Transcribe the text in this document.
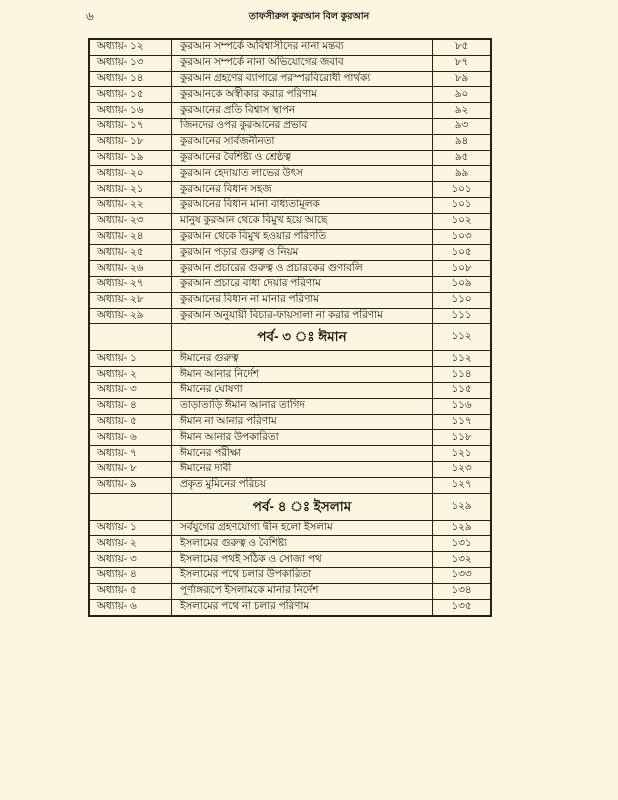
৬	তাফসীরুল কুরআন বিল কুরআন
অধ্যায়- ১২	কুরআন সম্পর্কে অবিশ্বাসীদের নানা মন্তব্য	৮৫
অধ্যায়- ১৩	কুরআন সম্পর্কে নানা অভিযোগের জবাব	৮৭
অধ্যায়- ১৪	কুরআন গ্রহণের ব্যাপারে পরস্পরবিরোধী পার্থক্য	৮৯
অধ্যায়- ১৫	কুরআনকে অস্বীকার করার পরিণাম	৯০
অধ্যায়- ১৬	কুরআনের প্রতি বিশ্বাস স্থাপন	৯২
অধ্যায়- ১৭	জিনদের ওপর কুরআনের প্রভাব	৯৩
অধ্যায়- ১৮	কুরআনের সার্বজনীনতা	৯৪
অধ্যায়- ১৯	কুরআনের বৈশিষ্ট্য ও শ্রেষ্ঠত্ব	৯৫
অধ্যায়- ২০	কুরআন হেদায়াত লাভের উৎস	৯৯
অধ্যায়- ২১	কুরআনের বিধান সহজ	১০১
অধ্যায়- ২২	কুরআনের বিধান মানা বাধ্যতামূলক	১০১
অধ্যায়- ২৩	মানুষ কুরআন থেকে বিমুখ হয়ে আছে	১০২
অধ্যায়- ২৪	কুরআন থেকে বিমুখ হওয়ার পরিণতি	১০৩
অধ্যায়- ২৫	কুরআন পড়ার গুরুত্ব ও নিয়ম	১০৫
অধ্যায়- ২৬	কুরআন প্রচারের গুরুত্ব ও প্রচারকের গুণাবলি	১০৮
অধ্যায়- ২৭	কুরআন প্রচারে বাধা দেয়ার পরিণাম	১০৯
অধ্যায়- ২৮	কুরআনের বিধান না মানার পরিণাম	১১০
অধ্যায়- ২৯	কুরআন অনুযায়ী বিচার-ফায়সালা না করার পরিণাম	১১১
পর্ব- ৩ ঃ ঈমান	১১২
অধ্যায়- ১	ঈমানের গুরুত্ব	১১২
অধ্যায়- ২	ঈমান আনার নির্দেশ	১১৪
অধ্যায়- ৩	ঈমানের ঘোষণা	১১৫
অধ্যায়- ৪	তাড়াতাড়ি ঈমান আনার তাগিদ	১১৬
অধ্যায়- ৫	ঈমান না আনার পরিণাম	১১৭
অধ্যায়- ৬	ঈমান আনার উপকারিতা	১১৮
অধ্যায়- ৭	ঈমানের পরীক্ষা	১২১
অধ্যায়- ৮	ঈমানের দাবী	১২৩
অধ্যায়- ৯	প্রকৃত মুমিনের পরিচয়	১২৭
পর্ব- ৪ ঃ ইসলাম	১২৯
অধ্যায়- ১	সর্বযুগের গ্রহণযোগ্য দ্বীন হলো ইসলাম	১২৯
অধ্যায়- ২	ইসলামের গুরুত্ব ও বৈশিষ্ট্য	১৩১
অধ্যায়- ৩	ইসলামের পথই সঠিক ও সোজা পথ	১৩২
অধ্যায়- ৪	ইসলামের পথে চলার উপকারিতা	১৩৩
অধ্যায়- ৫	পূর্ণাঙ্গরূপে ইসলামকে মানার নির্দেশ	১৩৪
অধ্যায়- ৬	ইসলামের পথে না চলার পরিণাম	১৩৫
